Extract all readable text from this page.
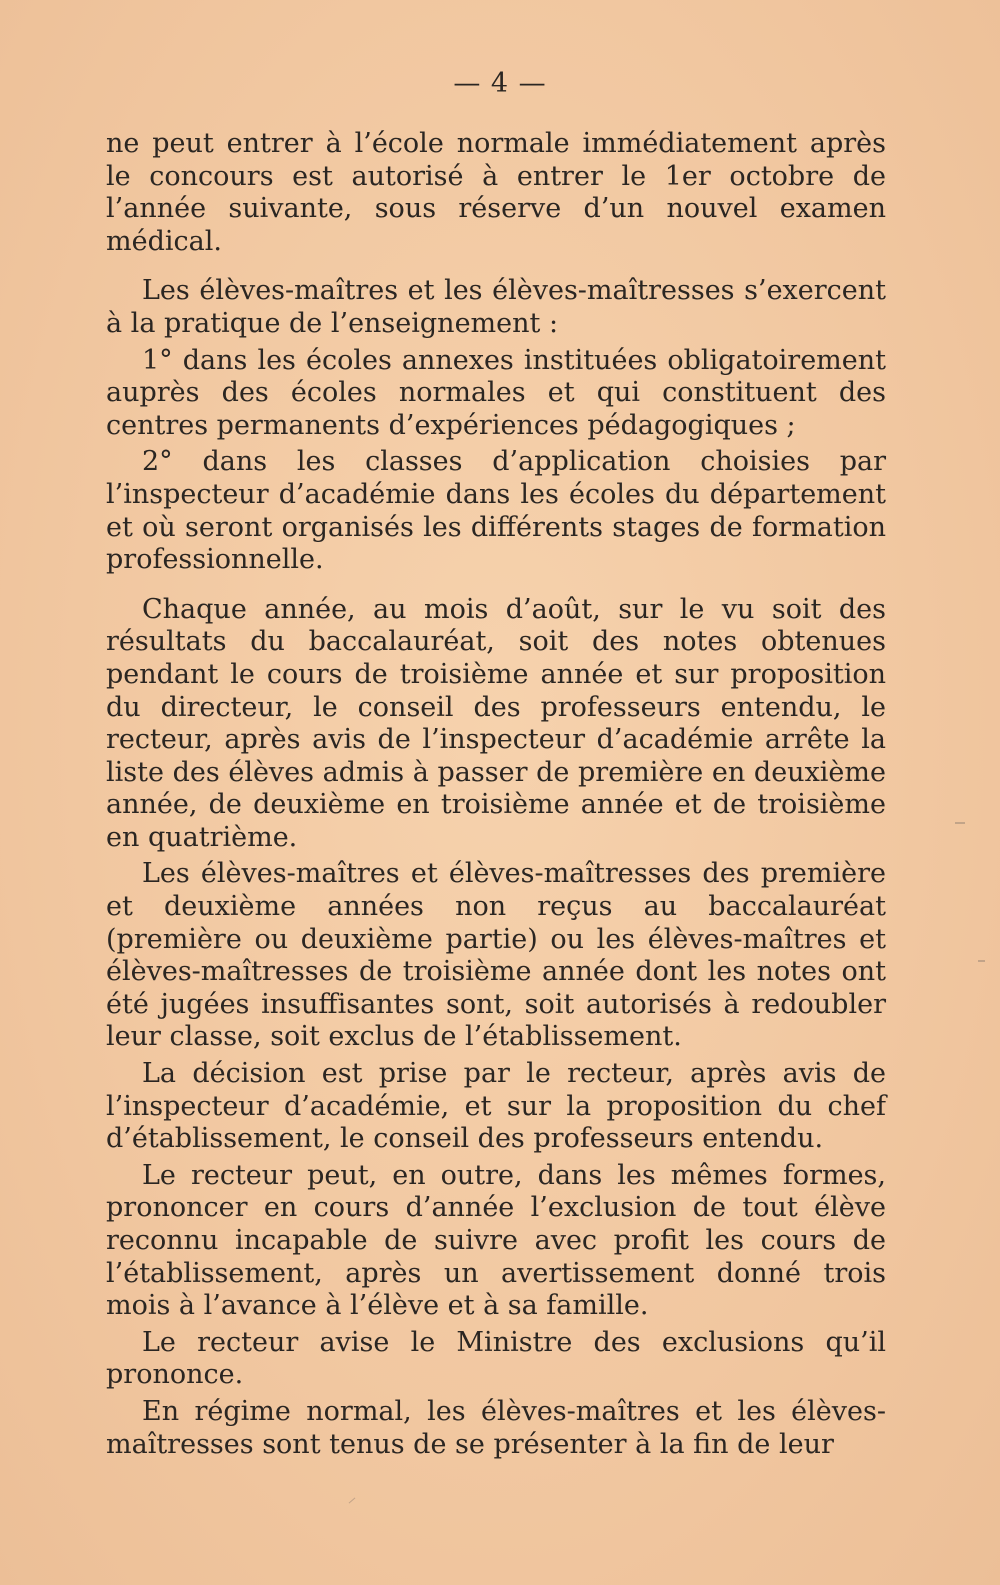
— 4 —

ne peut entrer à l’école normale immédiatement après le concours est autorisé à entrer le 1er octobre de l’année suivante, sous réserve d’un nouvel examen médical.

Les élèves-maîtres et les élèves-maîtresses s’exercent à la pratique de l’enseignement :

1° dans les écoles annexes instituées obligatoirement auprès des écoles normales et qui constituent des centres permanents d’expériences pédagogiques ;

2° dans les classes d’application choisies par l’inspecteur d’académie dans les écoles du département et où seront organisés les différents stages de formation professionnelle.

Chaque année, au mois d’août, sur le vu soit des résultats du baccalauréat, soit des notes obtenues pendant le cours de troisième année et sur proposition du directeur, le conseil des professeurs entendu, le recteur, après avis de l’inspecteur d’académie arrête la liste des élèves admis à passer de première en deuxième année, de deuxième en troisième année et de troisième en quatrième.

Les élèves-maîtres et élèves-maîtresses des première et deuxième années non reçus au baccalauréat (première ou deuxième partie) ou les élèves-maîtres et élèves-maîtresses de troisième année dont les notes ont été jugées insuffisantes sont, soit autorisés à redoubler leur classe, soit exclus de l’établissement.

La décision est prise par le recteur, après avis de l’inspecteur d’académie, et sur la proposition du chef d’établissement, le conseil des professeurs entendu.

Le recteur peut, en outre, dans les mêmes formes, prononcer en cours d’année l’exclusion de tout élève reconnu incapable de suivre avec profit les cours de l’établissement, après un avertissement donné trois mois à l’avance à l’élève et à sa famille.

Le recteur avise le Ministre des exclusions qu’il prononce.

En régime normal, les élèves-maîtres et les élèves-maîtresses sont tenus de se présenter à la fin de leur
